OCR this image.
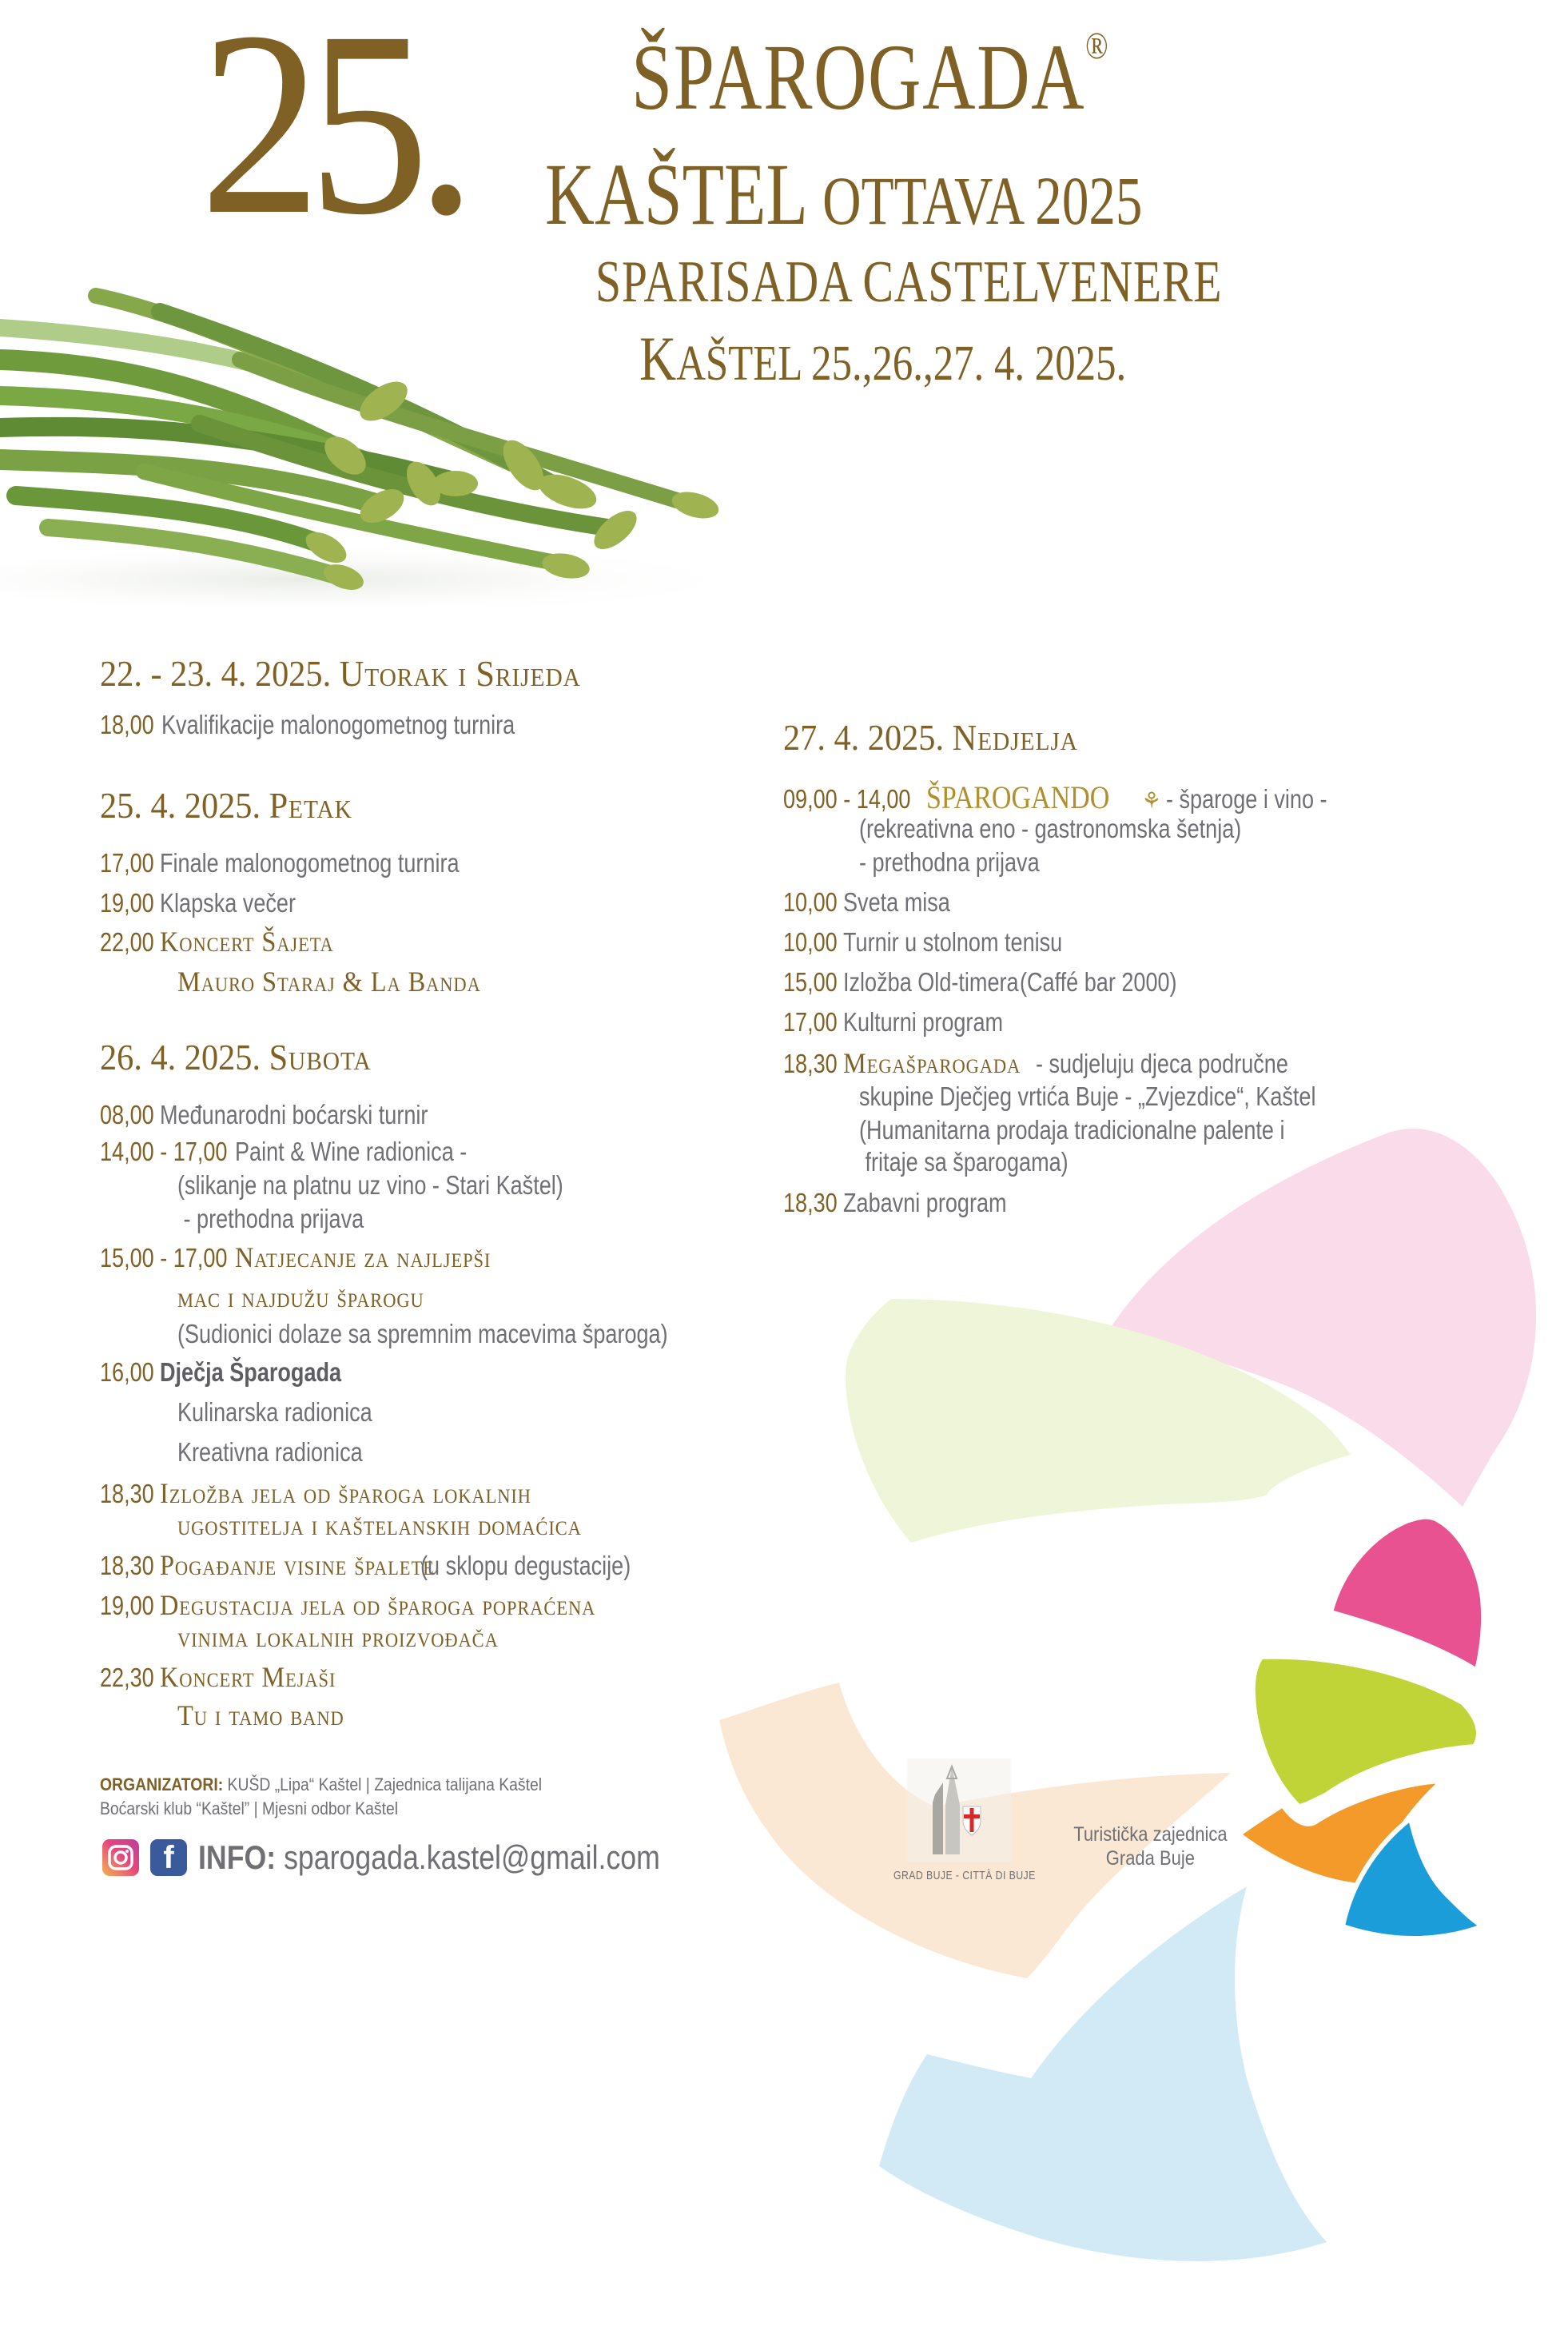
25. ŠPAROGADA®
KAŠTEL OTTAVA 2025
SPARISADA CASTELVENERE
KAŠTEL 25.,26.,27. 4. 2025.
22. - 23. 4. 2025. Utorak i Srijeda
18,00 Kvalifikacije malonogometnog turnira
25. 4. 2025. Petak
17,00 Finale malonogometnog turnira
19,00 Klapska večer
22,00 Koncert Šajeta
Mauro Staraj & La Banda
26. 4. 2025. Subota
08,00 Međunarodni boćarski turnir
14,00 - 17,00 Paint & Wine radionica -
(slikanje na platnu uz vino - Stari Kaštel)
- prethodna prijava
15,00 - 17,00 Natjecanje za najljepši
mac i najdužu šparogu
(Sudionici dolaze sa spremnim macevima šparoga)
16,00 Dječja Šparogada
Kulinarska radionica
Kreativna radionica
18,30 Izložba jela od šparoga lokalnih
ugostitelja i kaštelanskih domaćica
18,30 Pogađanje visine špalete (u sklopu degustacije)
19,00 Degustacija jela od šparoga popraćena
vinima lokalnih proizvođača
22,30 Koncert Mejaši
Tu i tamo band
27. 4. 2025. Nedjelja
09,00 - 14,00 ŠPAROGANDO ⚘ - šparoge i vino -
(rekreativna eno - gastronomska šetnja)
- prethodna prijava
10,00 Sveta misa
10,00 Turnir u stolnom tenisu
15,00 Izložba Old-timera (Caffé bar 2000)
17,00 Kulturni program
18,30 Megašparogada - sudjeluju djeca područne
skupine Dječjeg vrtića Buje - „Zvjezdice“, Kaštel
(Humanitarna prodaja tradicionalne palente i
fritaje sa šparogama)
18,30 Zabavni program
ORGANIZATORI: KUŠD „Lipa“ Kaštel | Zajednica talijana Kaštel
Boćarski klub “Kaštel” | Mjesni odbor Kaštel
f INFO: sparogada.kastel@gmail.com	GRAD BUJE - CITTÀ DI BUJE
Turistička zajednica
Grada Buje
